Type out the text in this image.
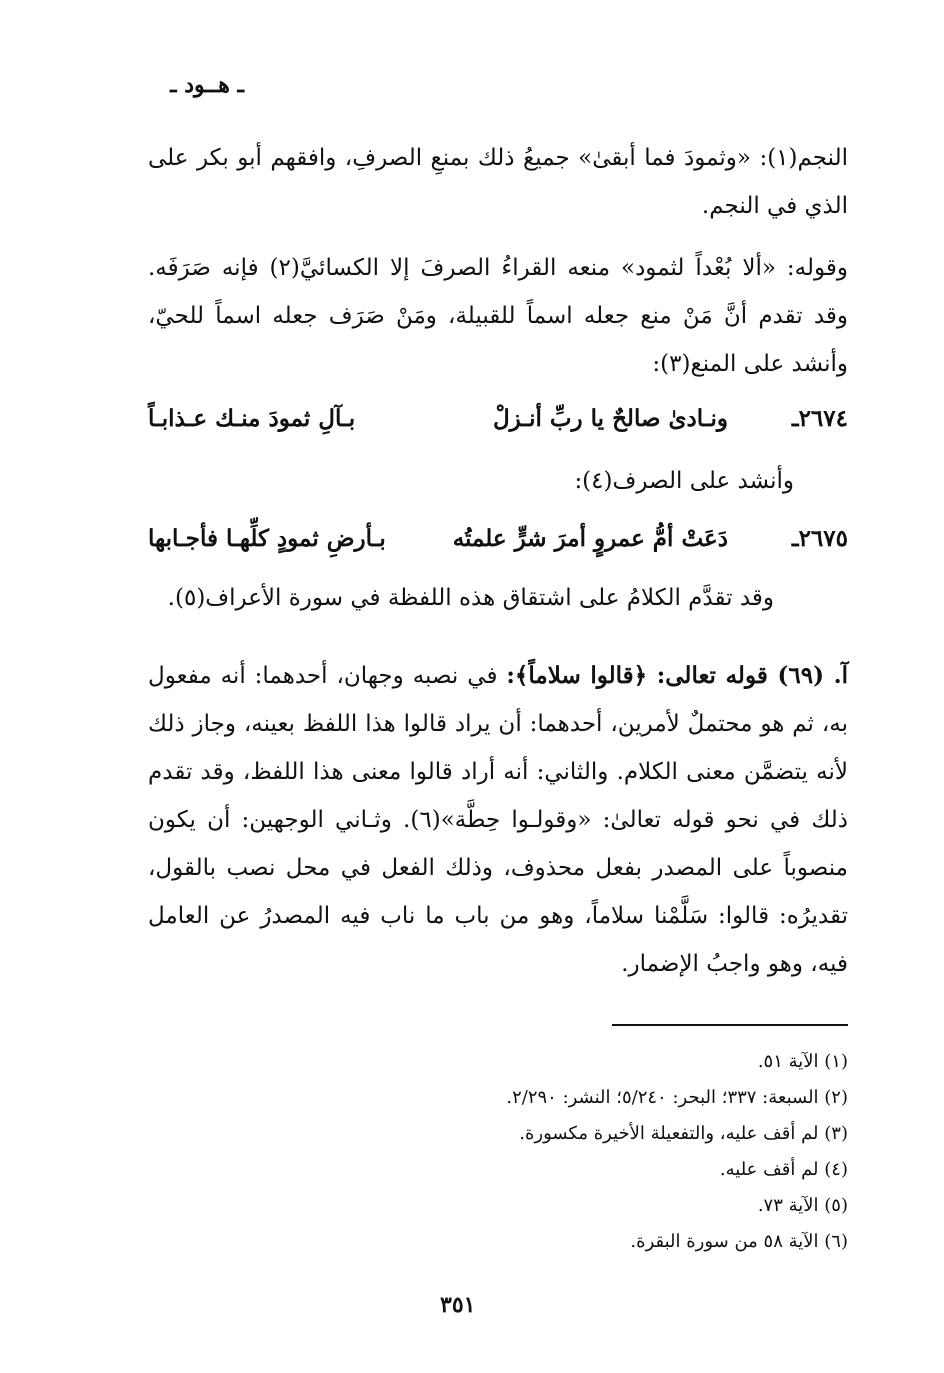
ـ هــود ـ
النجم(١): «وثمودَ فما أبقىٰ» جميعُ ذلك بمنعِ الصرفِ، وافقهم أبو بكر على الذي في النجم.
وقوله: «ألا بُعْداً لثمود» منعه القراءُ الصرفَ إلا الكسائيَّ(٢) فإنه صَرَفَه. وقد تقدم أنَّ مَنْ منع جعله اسماً للقبيلة، ومَنْ صَرَف جعله اسماً للحيّ، وأنشد على المنع(٣):
٢٦٧٤ـ
ونـادىٰ صالحٌ يا ربِّ أنـزلْ
بـآلِ ثمودَ منـك عـذابـاً
وأنشد على الصرف(٤):
٢٦٧٥ـ
دَعَتْ أمُّ عمروٍ أمرَ شرٍّ علمتُه
بـأرضِ ثمودٍ كلِّهـا فأجـابها
وقد تقدَّم الكلامُ على اشتقاق هذه اللفظة في سورة الأعراف(٥).
آ. (٦٩) قوله تعالى: ﴿قالوا سلاماً﴾: في نصبه وجهان، أحدهما: أنه مفعول به، ثم هو محتملٌ لأمرين، أحدهما: أن يراد قالوا هذا اللفظ بعينه، وجاز ذلك لأنه يتضمَّن معنى الكلام. والثاني: أنه أراد قالوا معنى هذا اللفظ، وقد تقدم ذلك في نحو قوله تعالىٰ: «وقولـوا حِطَّة»(٦). وثـاني الوجهين: أن يكون منصوباً على المصدر بفعل محذوف، وذلك الفعل في محل نصب بالقول، تقديرُه: قالوا: سَلَّمْنا سلاماً، وهو من باب ما ناب فيه المصدرُ عن العامل فيه، وهو واجبُ الإضمار.
(١) الآية ٥١.
(٢) السبعة: ٣٣٧؛ البحر: ٥/٢٤٠؛ النشر: ٢/٢٩٠.
(٣) لم أقف عليه، والتفعيلة الأخيرة مكسورة.
(٤) لم أقف عليه.
(٥) الآية ٧٣.
(٦) الآية ٥٨ من سورة البقرة.
٣٥١
